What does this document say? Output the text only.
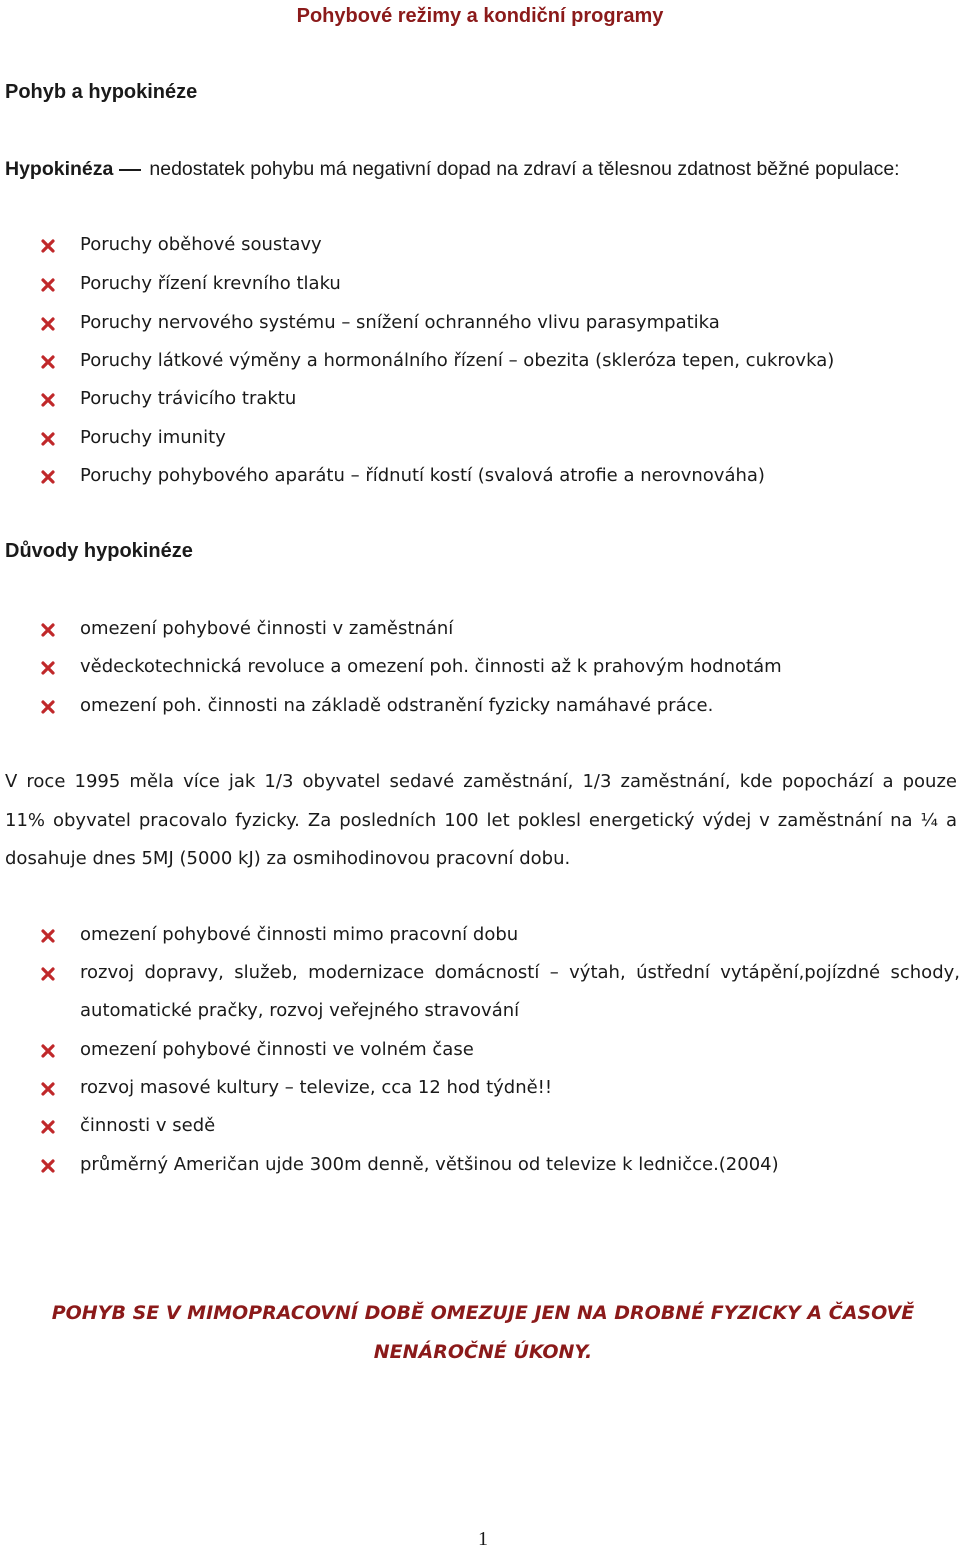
Pohybové režimy a kondiční programy
Pohyb a hypokinéze

Hypokinéza nedostatek pohybu má negativní dopad na zdraví a tělesnou zdatnost běžné populace:

Poruchy oběhové soustavy

Poruchy řízení krevního tlaku

Poruchy nervového systému – snížení ochranného vlivu parasympatika

Poruchy látkové výměny a hormonálního řízení – obezita (skleróza tepen, cukrovka)

Poruchy trávicího traktu

Poruchy imunity

Poruchy pohybového aparátu – řídnutí kostí (svalová atrofie a nerovnováha)

Důvody hypokinéze

omezení pohybové činnosti v zaměstnání

vědeckotechnická revoluce a omezení poh. činnosti až k prahovým hodnotám

omezení poh. činnosti na základě odstranění fyzicky namáhavé práce.

V roce 1995 měla více jak 1/3 obyvatel sedavé zaměstnání, 1/3 zaměstnání, kde popochází a pouze

11% obyvatel pracovalo fyzicky. Za posledních 100 let poklesl energetický výdej v zaměstnání na ¼ a

dosahuje dnes 5MJ (5000 kJ) za osmihodinovou pracovní dobu.

omezení pohybové činnosti mimo pracovní dobu

rozvoj dopravy, služeb, modernizace domácností – výtah, ústřední vytápění,pojízdné schody,

automatické pračky, rozvoj veřejného stravování

omezení pohybové činnosti ve volném čase

rozvoj masové kultury – televize, cca 12 hod týdně!!

činnosti v sedě

průměrný Američan ujde 300m denně, většinou od televize k ledničce.(2004)

POHYB SE V MIMOPRACOVNÍ DOBĚ OMEZUJE JEN NA DROBNÉ FYZICKY A ČASOVĚ

NENÁROČNÉ ÚKONY.

1
